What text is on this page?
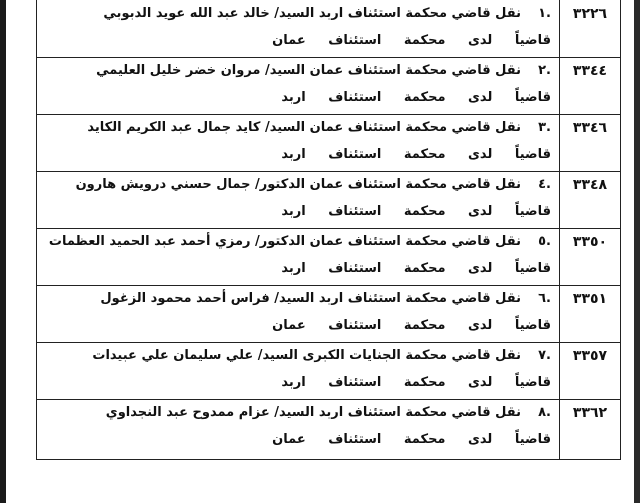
.١نقل قاضي محكمة استئناف اربد السيد/ خالد عبد الله عويد الدبوبي
قاضياً لدى محكمة استئناف عمان
٣٢٢٦
.٢نقل قاضي محكمة استئناف عمان السيد/ مروان خضر خليل العليمي
قاضياً لدى محكمة استئناف اربد
٣٣٤٤
.٣نقل قاضي محكمة استئناف عمان السيد/ كايد جمال عبد الكريم الكايد
قاضياً لدى محكمة استئناف اربد
٣٣٤٦
.٤نقل قاضي محكمة استئناف عمان الدكتور/ جمال حسني درويش هارون
قاضياً لدى محكمة استئناف اربد
٣٣٤٨
.٥نقل قاضي محكمة استئناف عمان الدكتور/ رمزي أحمد عبد الحميد العظمات
قاضياً لدى محكمة استئناف اربد
٣٣٥٠
.٦نقل قاضي محكمة استئناف اربد السيد/ فراس أحمد محمود الزغول
قاضياً لدى محكمة استئناف عمان
٣٣٥١
.٧نقل قاضي محكمة الجنايات الكبرى السيد/ علي سليمان علي عبيدات
قاضياً لدى محكمة استئناف اربد
٣٣٥٧
.٨نقل قاضي محكمة استئناف اربد السيد/ عزام ممدوح عبد النجداوي
قاضياً لدى محكمة استئناف عمان
٣٣٦٢
